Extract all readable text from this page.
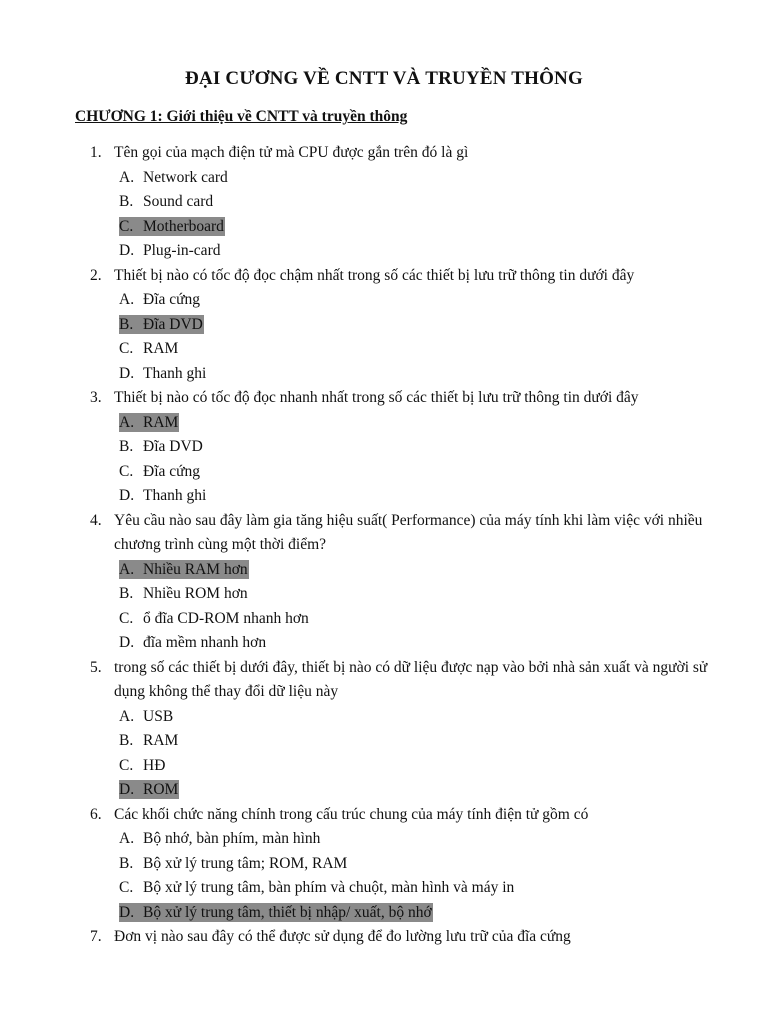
ĐẠI CƯƠNG VỀ CNTT VÀ TRUYỀN THÔNG
CHƯƠNG 1: Giới thiệu về CNTT và truyền thông
1. Tên gọi của mạch điện tử mà CPU được gắn trên đó là gì
A. Network card
B. Sound card
C. Motherboard
D. Plug-in-card
2. Thiết bị nào có tốc độ đọc chậm nhất trong số các thiết bị lưu trữ thông tin dưới đây
A. Đĩa cứng
B. Đĩa DVD
C. RAM
D. Thanh ghi
3. Thiết bị nào có tốc độ đọc nhanh nhất trong số các thiết bị lưu trữ thông tin dưới đây
A. RAM
B. Đĩa DVD
C. Đĩa cứng
D. Thanh ghi
4. Yêu cầu nào sau đây làm gia tăng hiệu suất( Performance) của máy tính khi làm việc với nhiều chương trình cùng một thời điểm?
A. Nhiều RAM hơn
B. Nhiều ROM hơn
C. ổ đĩa CD-ROM nhanh hơn
D. đĩa mềm nhanh hơn
5. trong số các thiết bị dưới đây, thiết bị nào có dữ liệu được nạp vào bởi nhà sản xuất và người sử dụng không thể thay đổi dữ liệu này
A. USB
B. RAM
C. HĐ
D. ROM
6. Các khối chức năng chính trong cấu trúc chung của máy tính điện tử gồm có
A. Bộ nhớ, bàn phím, màn hình
B. Bộ xử lý trung tâm; ROM, RAM
C. Bộ xử lý trung tâm, bàn phím và chuột, màn hình và máy in
D. Bộ xử lý trung tâm, thiết bị nhập/ xuất, bộ nhớ
7. Đơn vị nào sau đây có thể được sử dụng để đo lường lưu trữ của đĩa cứng
